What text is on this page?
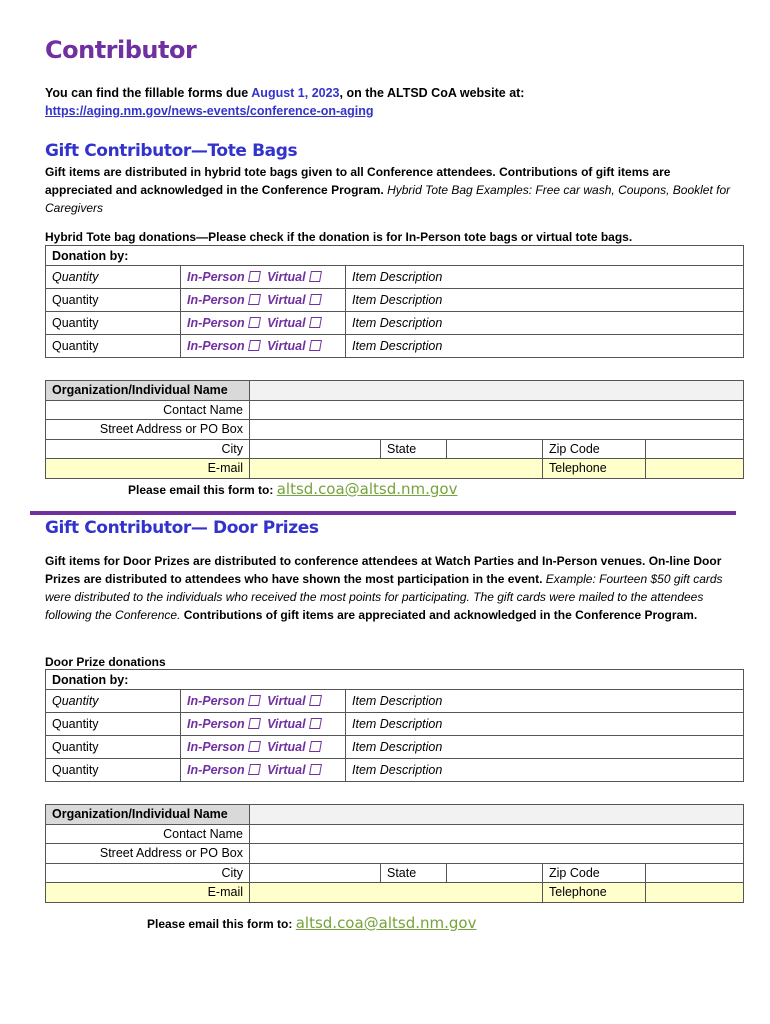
Contributor
You can find the fillable forms due August 1, 2023, on the ALTSD CoA website at:
https://aging.nm.gov/news-events/conference-on-aging
Gift Contributor—Tote Bags
Gift items are distributed in hybrid tote bags given to all Conference attendees. Contributions of gift items are appreciated and acknowledged in the Conference Program. Hybrid Tote Bag Examples: Free car wash, Coupons, Booklet for Caregivers
Hybrid Tote bag donations—Please check if the donation is for In-Person tote bags or virtual tote bags.
Donation by:			
Quantity	In-Person Virtual	Item Description	
Quantity	In-Person Virtual	Item Description	
Quantity	In-Person Virtual	Item Description	
Quantity	In-Person Virtual	Item Description	
Organization/Individual Name					
Contact Name					
Street Address or PO Box					
City		State		Zip Code	
E-mail				Telephone	
Please email this form to: altsd.coa@altsd.nm.gov
Gift Contributor— Door Prizes
Gift items for Door Prizes are distributed to conference attendees at Watch Parties and In-Person venues. On-line Door Prizes are distributed to attendees who have shown the most participation in the event. Example: Fourteen $50 gift cards were distributed to the individuals who received the most points for participating. The gift cards were mailed to the attendees following the Conference. Contributions of gift items are appreciated and acknowledged in the Conference Program.
Door Prize donations
Donation by:			
Quantity	In-Person Virtual	Item Description	
Quantity	In-Person Virtual	Item Description	
Quantity	In-Person Virtual	Item Description	
Quantity	In-Person Virtual	Item Description	
Organization/Individual Name					
Contact Name					
Street Address or PO Box					
City		State		Zip Code	
E-mail				Telephone	
Please email this form to: altsd.coa@altsd.nm.gov
